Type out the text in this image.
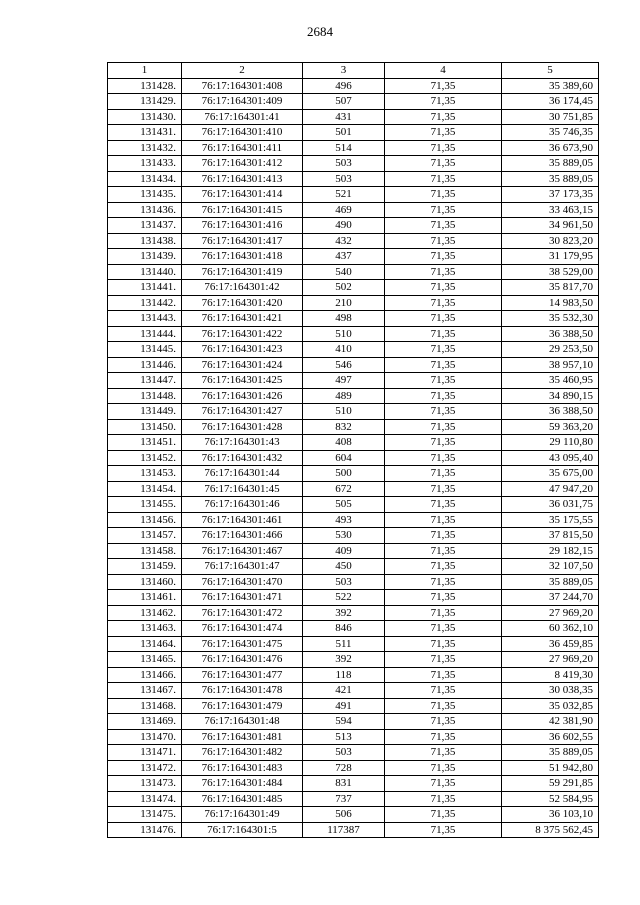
2684
1	2	3	4	5
131428.	76:17:164301:408	496	71,35	35 389,60
131429.	76:17:164301:409	507	71,35	36 174,45
131430.	76:17:164301:41	431	71,35	30 751,85
131431.	76:17:164301:410	501	71,35	35 746,35
131432.	76:17:164301:411	514	71,35	36 673,90
131433.	76:17:164301:412	503	71,35	35 889,05
131434.	76:17:164301:413	503	71,35	35 889,05
131435.	76:17:164301:414	521	71,35	37 173,35
131436.	76:17:164301:415	469	71,35	33 463,15
131437.	76:17:164301:416	490	71,35	34 961,50
131438.	76:17:164301:417	432	71,35	30 823,20
131439.	76:17:164301:418	437	71,35	31 179,95
131440.	76:17:164301:419	540	71,35	38 529,00
131441.	76:17:164301:42	502	71,35	35 817,70
131442.	76:17:164301:420	210	71,35	14 983,50
131443.	76:17:164301:421	498	71,35	35 532,30
131444.	76:17:164301:422	510	71,35	36 388,50
131445.	76:17:164301:423	410	71,35	29 253,50
131446.	76:17:164301:424	546	71,35	38 957,10
131447.	76:17:164301:425	497	71,35	35 460,95
131448.	76:17:164301:426	489	71,35	34 890,15
131449.	76:17:164301:427	510	71,35	36 388,50
131450.	76:17:164301:428	832	71,35	59 363,20
131451.	76:17:164301:43	408	71,35	29 110,80
131452.	76:17:164301:432	604	71,35	43 095,40
131453.	76:17:164301:44	500	71,35	35 675,00
131454.	76:17:164301:45	672	71,35	47 947,20
131455.	76:17:164301:46	505	71,35	36 031,75
131456.	76:17:164301:461	493	71,35	35 175,55
131457.	76:17:164301:466	530	71,35	37 815,50
131458.	76:17:164301:467	409	71,35	29 182,15
131459.	76:17:164301:47	450	71,35	32 107,50
131460.	76:17:164301:470	503	71,35	35 889,05
131461.	76:17:164301:471	522	71,35	37 244,70
131462.	76:17:164301:472	392	71,35	27 969,20
131463.	76:17:164301:474	846	71,35	60 362,10
131464.	76:17:164301:475	511	71,35	36 459,85
131465.	76:17:164301:476	392	71,35	27 969,20
131466.	76:17:164301:477	118	71,35	8 419,30
131467.	76:17:164301:478	421	71,35	30 038,35
131468.	76:17:164301:479	491	71,35	35 032,85
131469.	76:17:164301:48	594	71,35	42 381,90
131470.	76:17:164301:481	513	71,35	36 602,55
131471.	76:17:164301:482	503	71,35	35 889,05
131472.	76:17:164301:483	728	71,35	51 942,80
131473.	76:17:164301:484	831	71,35	59 291,85
131474.	76:17:164301:485	737	71,35	52 584,95
131475.	76:17:164301:49	506	71,35	36 103,10
131476.	76:17:164301:5	117387	71,35	8 375 562,45
